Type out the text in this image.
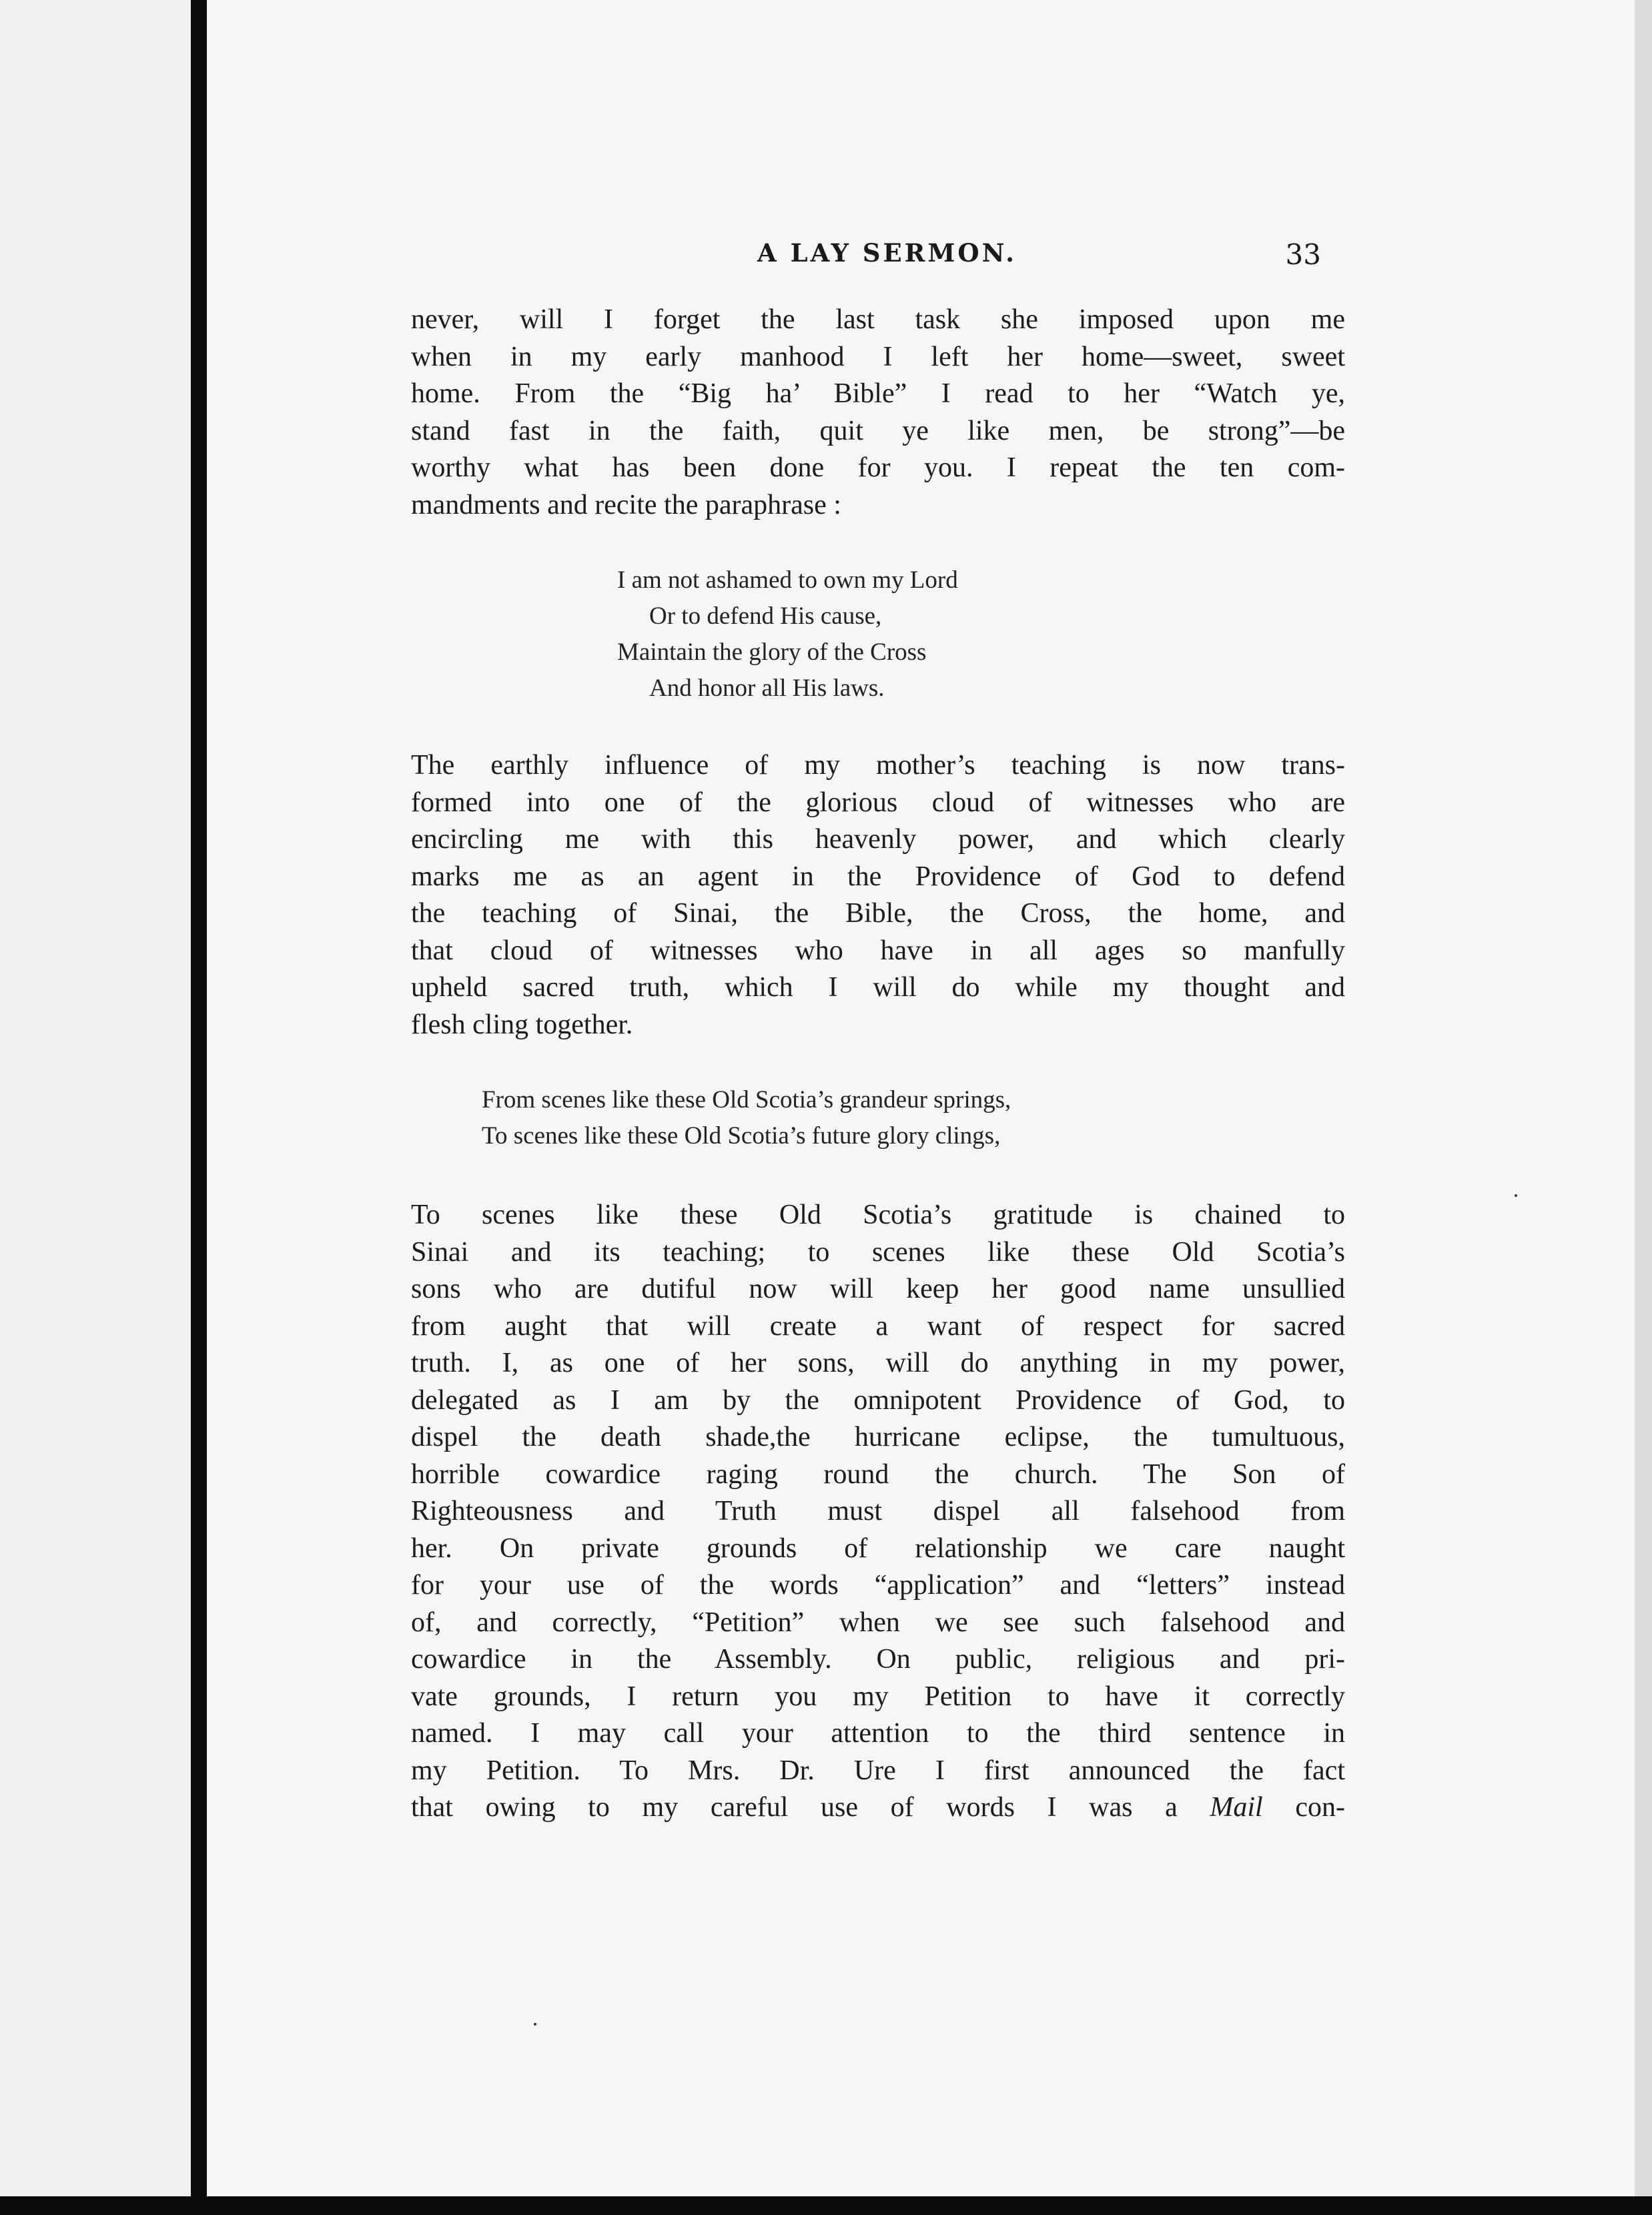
A LAY SERMON.	33
never, will I forget the last task she imposed upon me
when in my early manhood I left her home—sweet, sweet
home. From the “Big ha’ Bible” I read to her “Watch ye,
stand fast in the faith, quit ye like men, be strong”—be
worthy what has been done for you. I repeat the ten com-
mandments and recite the paraphrase :
I am not ashamed to own my Lord
Or to defend His cause,
Maintain the glory of the Cross
And honor all His laws.
The earthly influence of my mother’s teaching is now trans-
formed into one of the glorious cloud of witnesses who are
encircling me with this heavenly power, and which clearly
marks me as an agent in the Providence of God to defend
the teaching of Sinai, the Bible, the Cross, the home, and
that cloud of witnesses who have in all ages so manfully
upheld sacred truth, which I will do while my thought and
flesh cling together.
From scenes like these Old Scotia’s grandeur springs,
To scenes like these Old Scotia’s future glory clings,
To scenes like these Old Scotia’s gratitude is chained to
Sinai and its teaching; to scenes like these Old Scotia’s
sons who are dutiful now will keep her good name unsullied
from aught that will create a want of respect for sacred
truth. I, as one of her sons, will do anything in my power,
delegated as I am by the omnipotent Providence of God, to
dispel the death shade,the hurricane eclipse, the tumultuous,
horrible cowardice raging round the church. The Son of
Righteousness and Truth must dispel all falsehood from
her. On private grounds of relationship we care naught
for your use of the words “application” and “letters” instead
of, and correctly, “Petition” when we see such falsehood and
cowardice in the Assembly. On public, religious and pri-
vate grounds, I return you my Petition to have it correctly
named. I may call your attention to the third sentence in
my Petition. To Mrs. Dr. Ure I first announced the fact
that owing to my careful use of words I was a Mail con-
